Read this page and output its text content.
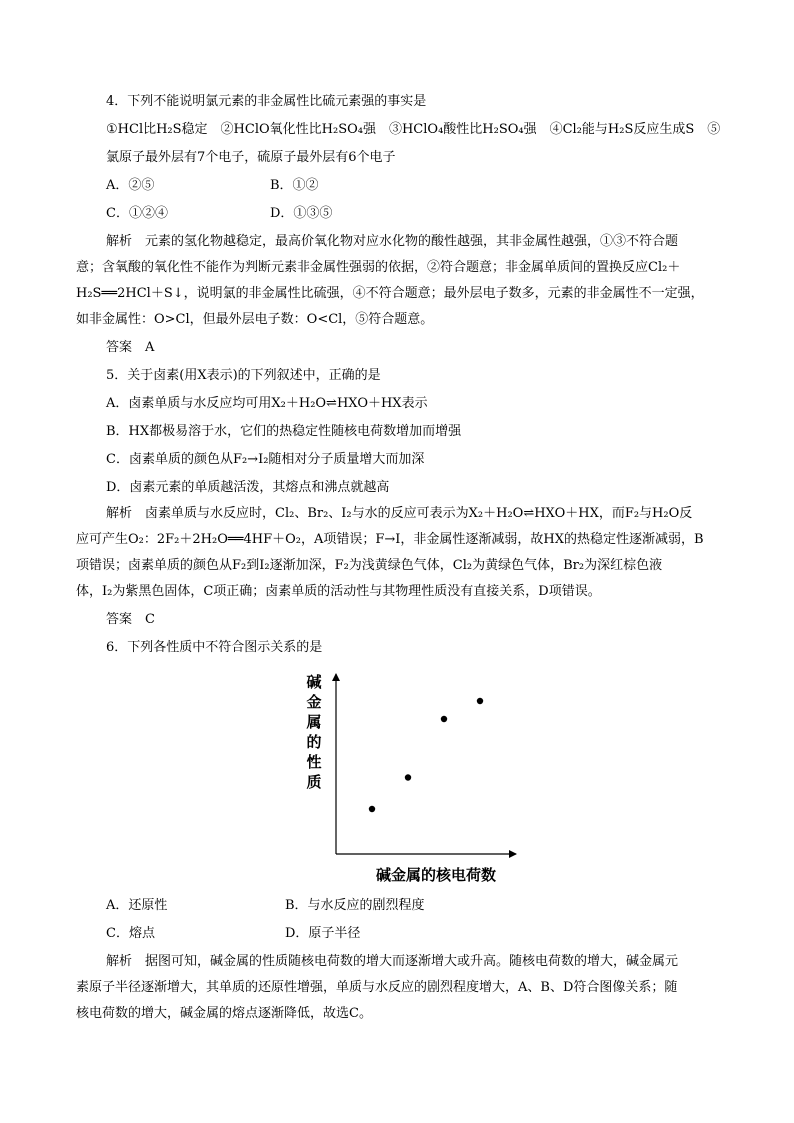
4．下列不能说明氯元素的非金属性比硫元素强的事实是
①HCl比H₂S稳定　②HClO氧化性比H₂SO₄强　③HClO₄酸性比H₂SO₄强　④Cl₂能与H₂S反应生成S　⑤
氯原子最外层有7个电子，硫原子最外层有6个电子
A．②⑤	B．①②
C．①②④	D．①③⑤
解析　元素的氢化物越稳定，最高价氧化物对应水化物的酸性越强，其非金属性越强，①③不符合题
意；含氧酸的氧化性不能作为判断元素非金属性强弱的依据，②符合题意；非金属单质间的置换反应Cl₂＋
H₂S══2HCl＋S↓，说明氯的非金属性比硫强，④不符合题意；最外层电子数多，元素的非金属性不一定强，
如非金属性：O>Cl，但最外层电子数：O<Cl，⑤符合题意。
答案　A
5．关于卤素(用X表示)的下列叙述中，正确的是
A．卤素单质与水反应均可用X₂＋H₂O⇌HXO＋HX表示
B．HX都极易溶于水，它们的热稳定性随核电荷数增加而增强
C．卤素单质的颜色从F₂→I₂随相对分子质量增大而加深
D．卤素元素的单质越活泼，其熔点和沸点就越高
解析　卤素单质与水反应时，Cl₂、Br₂、I₂与水的反应可表示为X₂＋H₂O⇌HXO＋HX，而F₂与H₂O反
应可产生O₂：2F₂＋2H₂O══4HF＋O₂，A项错误；F→I，非金属性逐渐减弱，故HX的热稳定性逐渐减弱，B
项错误；卤素单质的颜色从F₂到I₂逐渐加深，F₂为浅黄绿色气体，Cl₂为黄绿色气体，Br₂为深红棕色液
体，I₂为紫黑色固体，C项正确；卤素单质的活动性与其物理性质没有直接关系，D项错误。
答案　C
6．下列各性质中不符合图示关系的是
碱金属的性质
碱金属的核电荷数
A．还原性	B．与水反应的剧烈程度
C．熔点	D．原子半径
解析　据图可知，碱金属的性质随核电荷数的增大而逐渐增大或升高。随核电荷数的增大，碱金属元
素原子半径逐渐增大，其单质的还原性增强，单质与水反应的剧烈程度增大，A、B、D符合图像关系；随
核电荷数的增大，碱金属的熔点逐渐降低，故选C。
